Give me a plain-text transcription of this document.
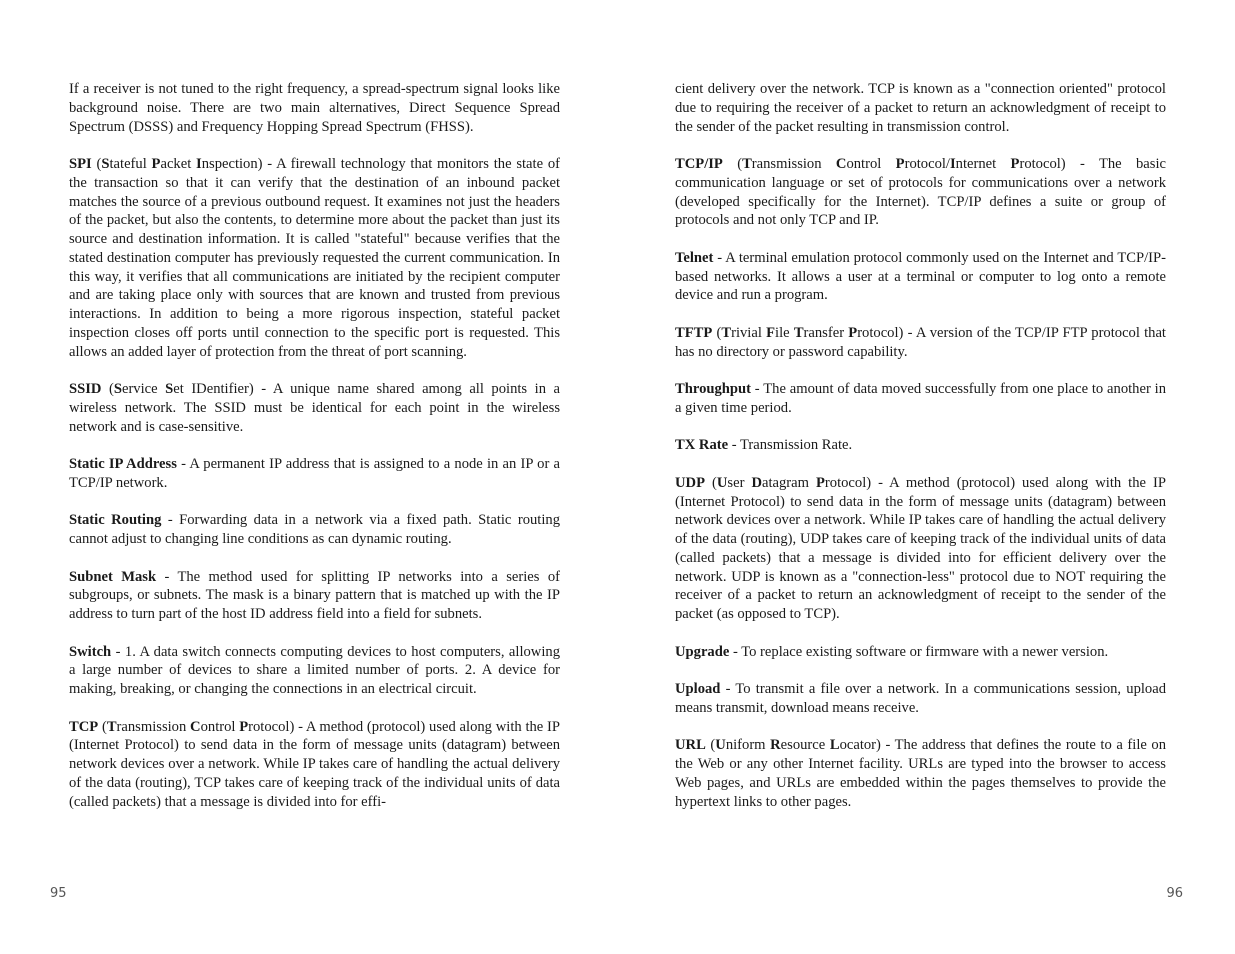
If a receiver is not tuned to the right frequency, a spread-spectrum signal looks like background noise. There are two main alternatives, Direct Sequence Spread Spectrum (DSSS) and Frequency Hopping Spread Spectrum (FHSS).

SPI (Stateful Packet Inspection) - A firewall technology that monitors the state of the transaction so that it can verify that the destination of an inbound packet matches the source of a previous outbound request. It examines not just the headers of the packet, but also the contents, to determine more about the packet than just its source and destination information. It is called "stateful" because verifies that the stated destination computer has previously requested the current communication. In this way, it verifies that all communications are initiated by the recipient computer and are taking place only with sources that are known and trusted from previous interactions. In addition to being a more rigorous inspection, stateful packet inspection closes off ports until connection to the specific port is requested. This allows an added layer of protection from the threat of port scanning.

SSID (Service Set IDentifier) - A unique name shared among all points in a wireless network. The SSID must be identical for each point in the wireless network and is case-sensitive.

Static IP Address - A permanent IP address that is assigned to a node in an IP or a TCP/IP network.

Static Routing - Forwarding data in a network via a fixed path. Static routing cannot adjust to changing line conditions as can dynamic routing.

Subnet Mask - The method used for splitting IP networks into a series of subgroups, or subnets. The mask is a binary pattern that is matched up with the IP address to turn part of the host ID address field into a field for subnets.

Switch - 1. A data switch connects computing devices to host computers, allowing a large number of devices to share a limited number of ports. 2. A device for making, breaking, or changing the connections in an electrical circuit.

TCP (Transmission Control Protocol) - A method (protocol) used along with the IP (Internet Protocol) to send data in the form of message units (datagram) between network devices over a network. While IP takes care of handling the actual delivery of the data (routing), TCP takes care of keeping track of the individual units of data (called packets) that a message is divided into for effi-

95

cient delivery over the network. TCP is known as a "connection oriented" protocol due to requiring the receiver of a packet to return an acknowledgment of receipt to the sender of the packet resulting in transmission control.

TCP/IP (Transmission Control Protocol/Internet Protocol) - The basic communication language or set of protocols for communications over a network (developed specifically for the Internet). TCP/IP defines a suite or group of protocols and not only TCP and IP.

Telnet - A terminal emulation protocol commonly used on the Internet and TCP/IP-based networks. It allows a user at a terminal or computer to log onto a remote device and run a program.

TFTP (Trivial File Transfer Protocol) - A version of the TCP/IP FTP protocol that has no directory or password capability.

Throughput - The amount of data moved successfully from one place to another in a given time period.

TX Rate - Transmission Rate.

UDP (User Datagram Protocol) - A method (protocol) used along with the IP (Internet Protocol) to send data in the form of message units (datagram) between network devices over a network. While IP takes care of handling the actual delivery of the data (routing), UDP takes care of keeping track of the individual units of data (called packets) that a message is divided into for efficient delivery over the network. UDP is known as a "connection-less" protocol due to NOT requiring the receiver of a packet to return an acknowledgment of receipt to the sender of the packet (as opposed to TCP).

Upgrade - To replace existing software or firmware with a newer version.

Upload - To transmit a file over a network. In a communications session, upload means transmit, download means receive.

URL (Uniform Resource Locator) - The address that defines the route to a file on the Web or any other Internet facility. URLs are typed into the browser to access Web pages, and URLs are embedded within the pages themselves to provide the hypertext links to other pages.

96
